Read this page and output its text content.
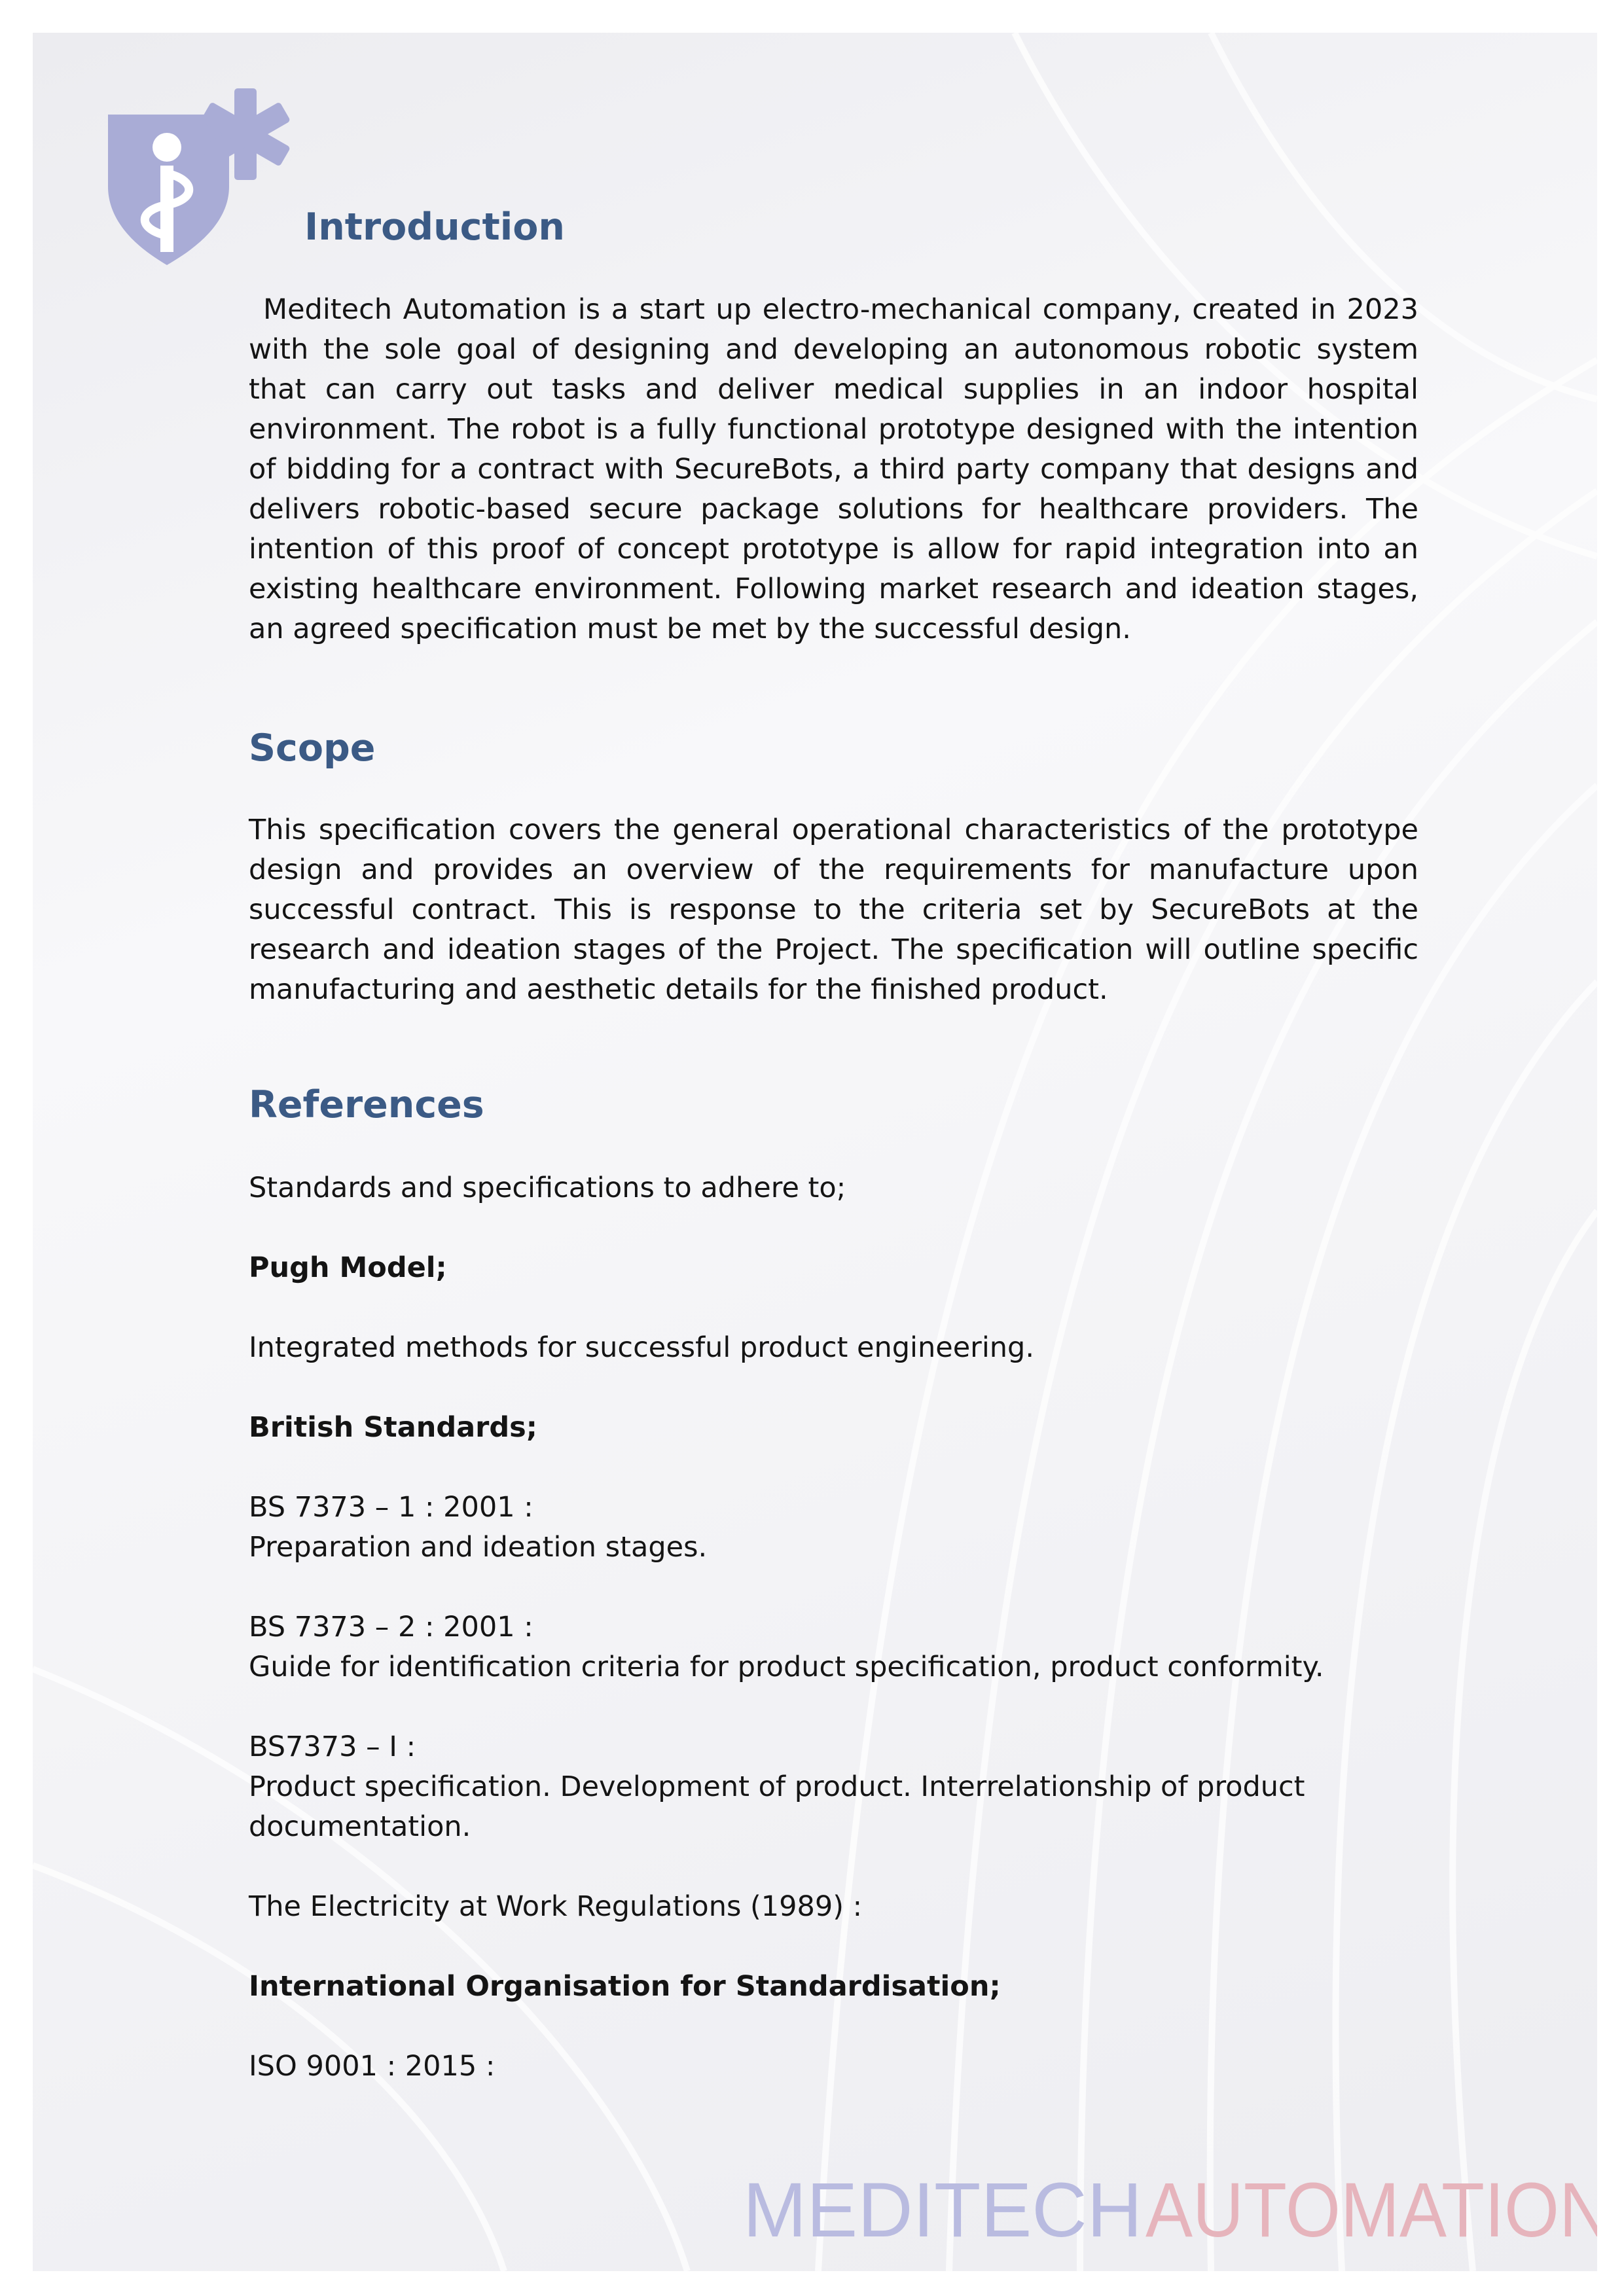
Introduction
Meditech Automation is a start up electro-mechanical company, created in 2023 with the sole goal of designing and developing an autonomous robotic system that can carry out tasks and deliver medical supplies in an indoor hospital environment. The robot is a fully functional prototype designed with the intention of bidding for a contract with SecureBots, a third party company that designs and delivers robotic-based secure package solutions for healthcare providers. The intention of this proof of concept prototype is allow for rapid integration into an existing healthcare environment. Following market research and ideation stages, an agreed specification must be met by the successful design.
Scope
This specification covers the general operational characteristics of the prototype design and provides an overview of the requirements for manufacture upon successful contract. This is response to the criteria set by SecureBots at the research and ideation stages of the Project. The specification will outline specific manufacturing and aesthetic details for the finished product.
References
Standards and specifications to adhere to;
Pugh Model;
Integrated methods for successful product engineering.
British Standards;
BS 7373 – 1 : 2001 :
Preparation and ideation stages.
BS 7373 – 2 : 2001 :
Guide for identification criteria for product specification, product conformity.
BS7373 – I :
Product specification. Development of product. Interrelationship of product
documentation.
The Electricity at Work Regulations (1989) :
International Organisation for Standardisation;
ISO 9001 : 2015 :
MEDITECH AUTOMATION
